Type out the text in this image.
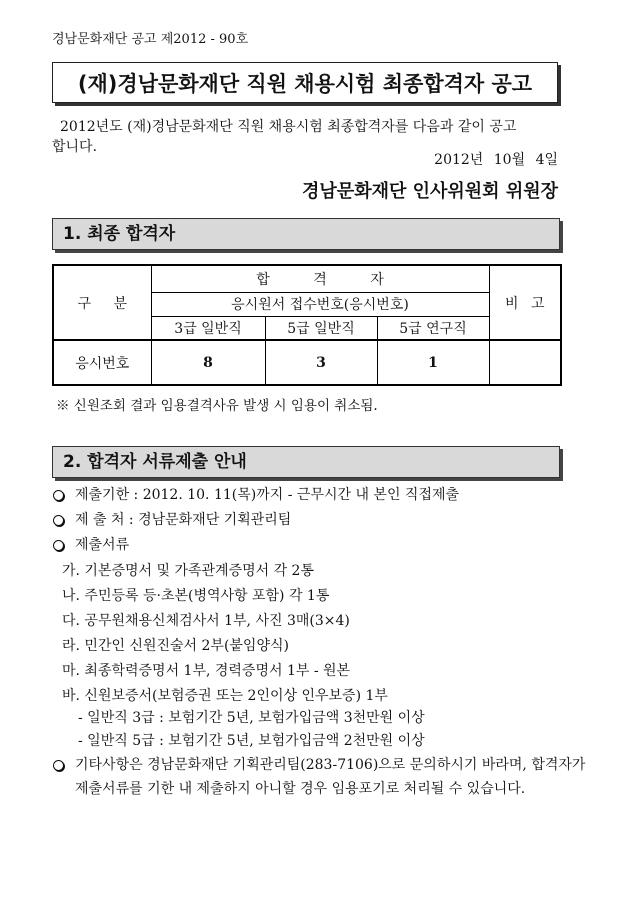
경남문화재단 공고 제2012 - 90호
(재)경남문화재단 직원 채용시험 최종합격자 공고
2012년도 (재)경남문화재단 직원 채용시험 최종합격자를 다음과 같이 공고
합니다.
2012년 10월 4일
경남문화재단 인사위원회 위원장
1. 최종 합격자
구 분	합 격 자			비 고
	응시원서 접수번호(응시번호)			
	3급 일반직	5급 일반직	5급 연구직	
응시번호	8	3	1	
※ 신원조회 결과 임용결격사유 발생 시 임용이 취소됨.
2. 합격자 서류제출 안내
제출기한 : 2012. 10. 11(목)까지 - 근무시간 내 본인 직접제출
제 출 처 : 경남문화재단 기획관리팀
제출서류
가. 기본증명서 및 가족관계증명서 각 2통
나. 주민등록 등·초본(병역사항 포함) 각 1통
다. 공무원채용신체검사서 1부, 사진 3매(3×4)
라. 민간인 신원진술서 2부(붙임양식)
마. 최종학력증명서 1부, 경력증명서 1부 - 원본
바. 신원보증서(보험증권 또는 2인이상 인우보증) 1부
- 일반직 3급 : 보험기간 5년, 보험가입금액 3천만원 이상
- 일반직 5급 : 보험기간 5년, 보험가입금액 2천만원 이상
기타사항은 경남문화재단 기획관리팀(283-7106)으로 문의하시기 바라며, 합격자가
제출서류를 기한 내 제출하지 아니할 경우 임용포기로 처리될 수 있습니다.
